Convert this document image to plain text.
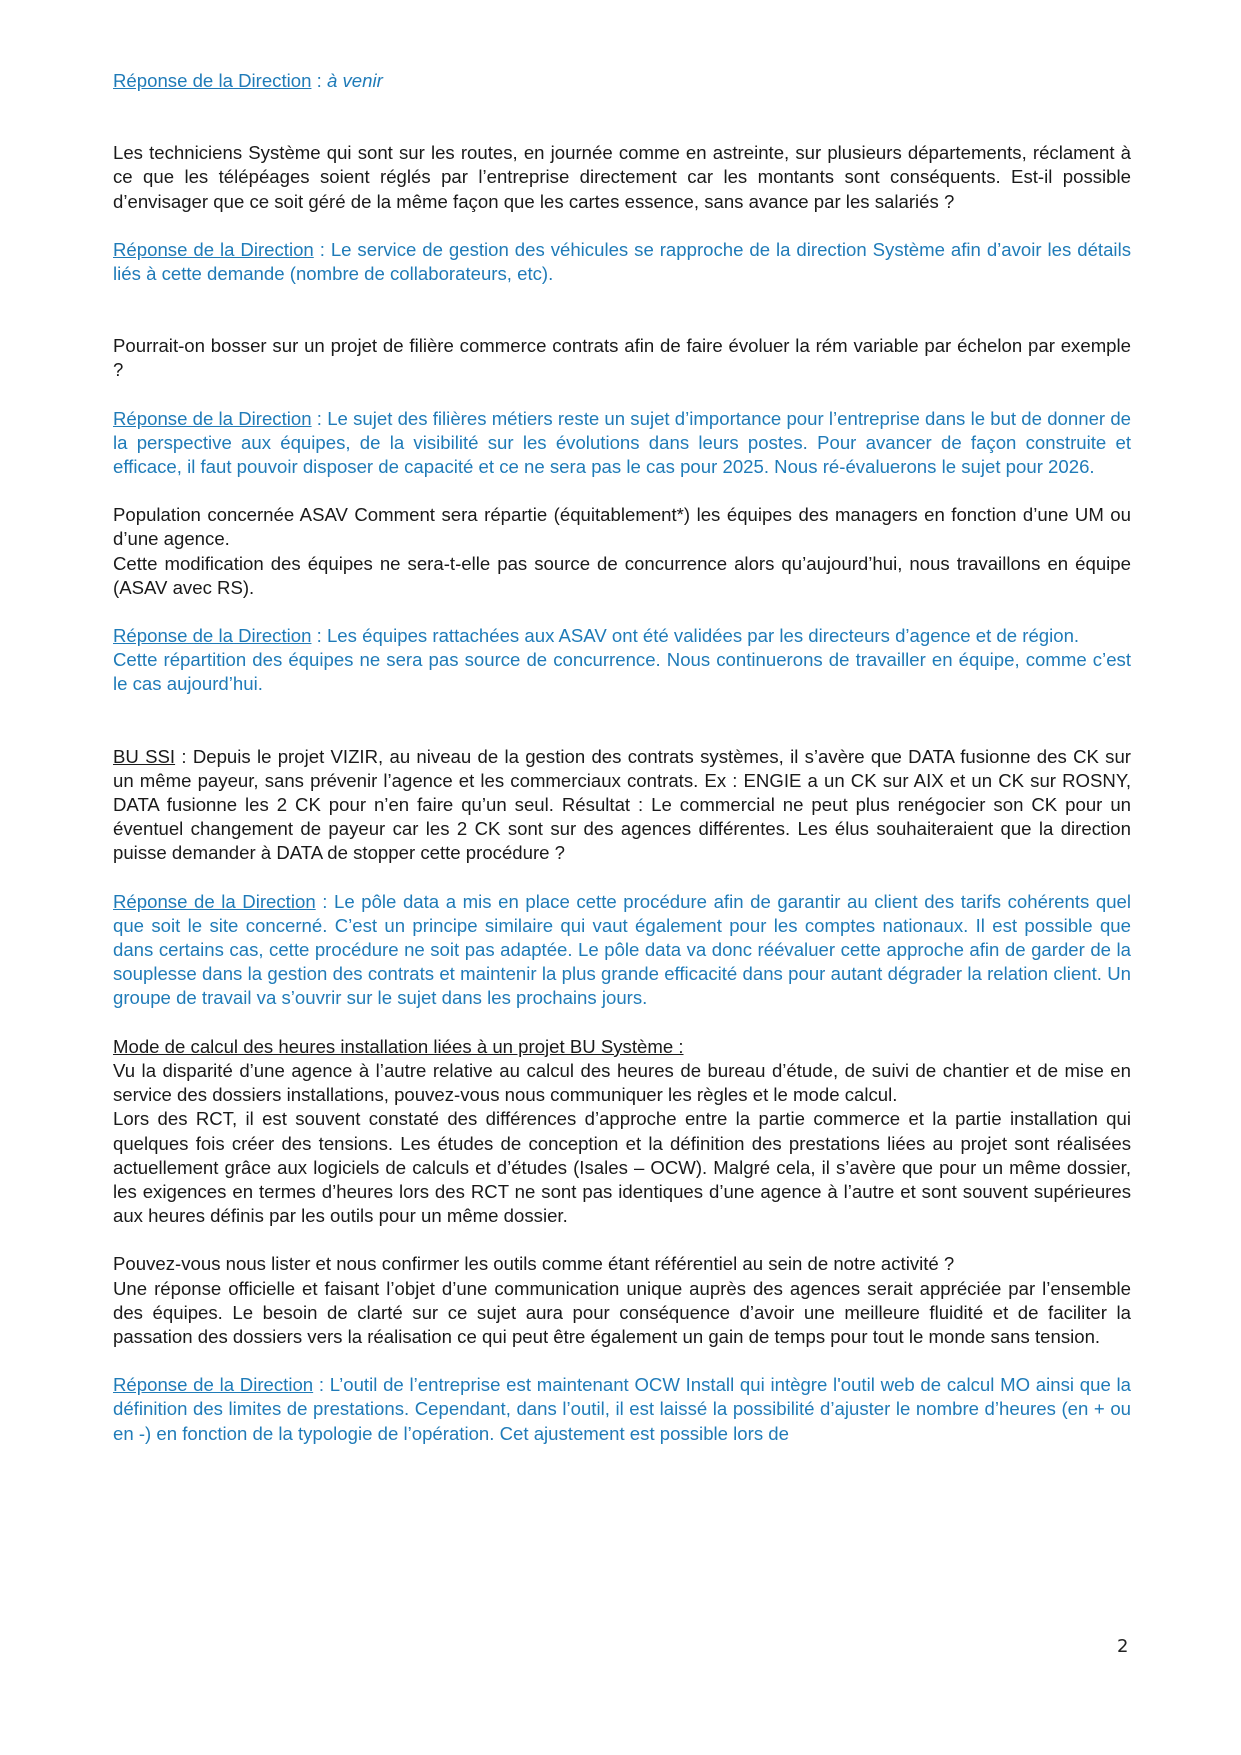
Réponse de la Direction : à venir

Les techniciens Système qui sont sur les routes, en journée comme en astreinte, sur plusieurs départements, réclament à ce que les télépéages soient réglés par l’entreprise directement car les montants sont conséquents. Est-il possible d’envisager que ce soit géré de la même façon que les cartes essence, sans avance par les salariés ?

Réponse de la Direction : Le service de gestion des véhicules se rapproche de la direction Système afin d’avoir les détails liés à cette demande (nombre de collaborateurs, etc).

Pourrait-on bosser sur un projet de filière commerce contrats afin de faire évoluer la rém variable par échelon par exemple ?

Réponse de la Direction : Le sujet des filières métiers reste un sujet d’importance pour l’entreprise dans le but de donner de la perspective aux équipes, de la visibilité sur les évolutions dans leurs postes. Pour avancer de façon construite et efficace, il faut pouvoir disposer de capacité et ce ne sera pas le cas pour 2025. Nous ré-évaluerons le sujet pour 2026.

Population concernée ASAV Comment sera répartie (équitablement*) les équipes des managers en fonction d’une UM ou d’une agence.

Cette modification des équipes ne sera-t-elle pas source de concurrence alors qu’aujourd’hui, nous travaillons en équipe (ASAV avec RS).

Réponse de la Direction : Les équipes rattachées aux ASAV ont été validées par les directeurs d’agence et de région.

Cette répartition des équipes ne sera pas source de concurrence. Nous continuerons de travailler en équipe, comme c’est le cas aujourd’hui.

BU SSI : Depuis le projet VIZIR, au niveau de la gestion des contrats systèmes, il s’avère que DATA fusionne des CK sur un même payeur, sans prévenir l’agence et les commerciaux contrats. Ex : ENGIE a un CK sur AIX et un CK sur ROSNY, DATA fusionne les 2 CK pour n’en faire qu’un seul. Résultat : Le commercial ne peut plus renégocier son CK pour un éventuel changement de payeur car les 2 CK sont sur des agences différentes. Les élus souhaiteraient que la direction puisse demander à DATA de stopper cette procédure ?

Réponse de la Direction : Le pôle data a mis en place cette procédure afin de garantir au client des tarifs cohérents quel que soit le site concerné. C’est un principe similaire qui vaut également pour les comptes nationaux. Il est possible que dans certains cas, cette procédure ne soit pas adaptée. Le pôle data va donc réévaluer cette approche afin de garder de la souplesse dans la gestion des contrats et maintenir la plus grande efficacité dans pour autant dégrader la relation client. Un groupe de travail va s’ouvrir sur le sujet dans les prochains jours.

Mode de calcul des heures installation liées à un projet BU Système :

Vu la disparité d’une agence à l’autre relative au calcul des heures de bureau d’étude, de suivi de chantier et de mise en service des dossiers installations, pouvez-vous nous communiquer les règles et le mode calcul.

Lors des RCT, il est souvent constaté des différences d’approche entre la partie commerce et la partie installation qui quelques fois créer des tensions. Les études de conception et la définition des prestations liées au projet sont réalisées actuellement grâce aux logiciels de calculs et d’études (Isales – OCW). Malgré cela, il s’avère que pour un même dossier, les exigences en termes d’heures lors des RCT ne sont pas identiques d’une agence à l’autre et sont souvent supérieures aux heures définis par les outils pour un même dossier.

Pouvez-vous nous lister et nous confirmer les outils comme étant référentiel au sein de notre activité ?

Une réponse officielle et faisant l’objet d’une communication unique auprès des agences serait appréciée par l’ensemble des équipes. Le besoin de clarté sur ce sujet aura pour conséquence d’avoir une meilleure fluidité et de faciliter la passation des dossiers vers la réalisation ce qui peut être également un gain de temps pour tout le monde sans tension.

Réponse de la Direction : L’outil de l’entreprise est maintenant OCW Install qui intègre l'outil web de calcul MO ainsi que la définition des limites de prestations. Cependant, dans l’outil, il est laissé la possibilité d’ajuster le nombre d’heures (en + ou en -) en fonction de la typologie de l’opération. Cet ajustement est possible lors de

2
